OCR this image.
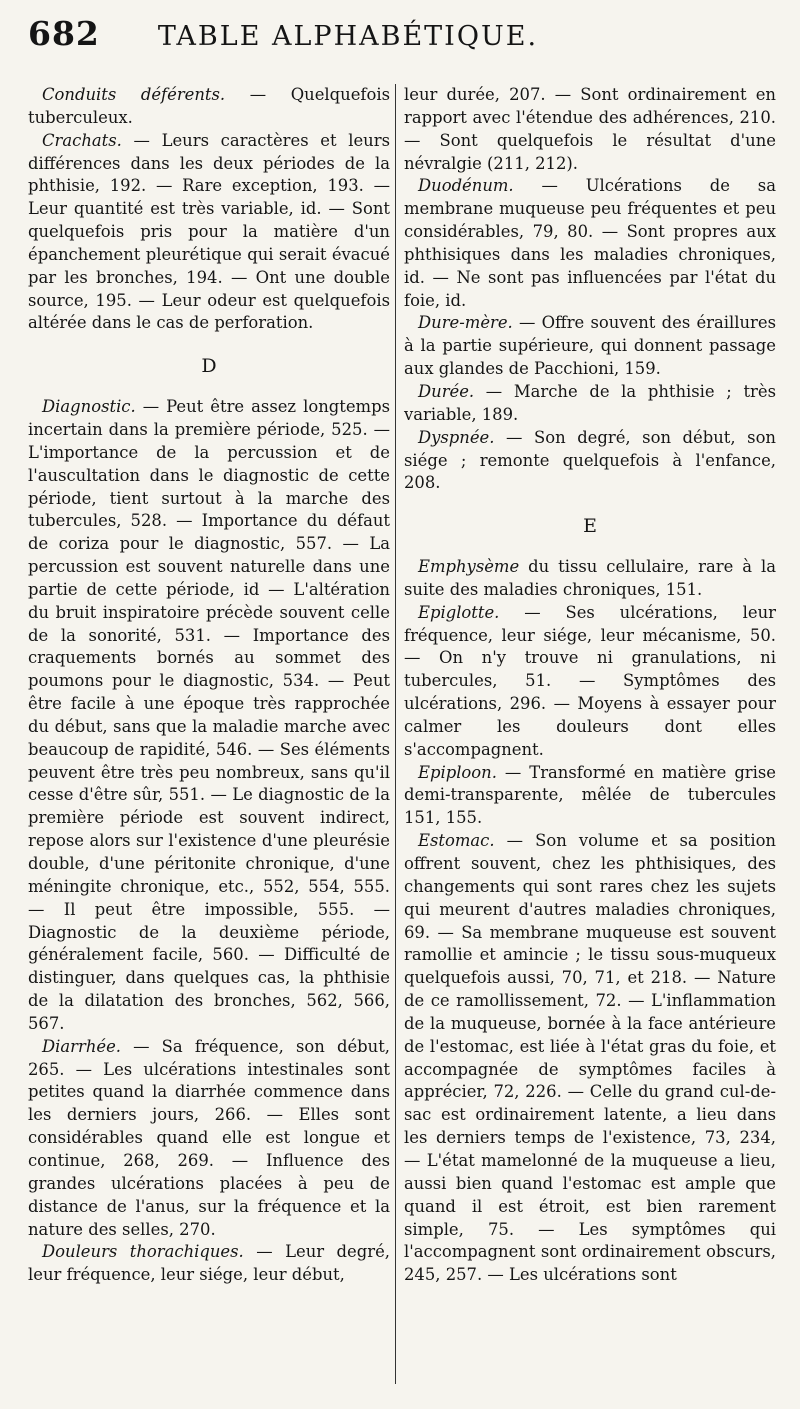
682 TABLE ALPHABÉTIQUE.

Conduits déférents. — Quelquefois tuberculeux.

Crachats. — Leurs caractères et leurs différences dans les deux périodes de la phthisie, 192. — Rare exception, 193. — Leur quantité est très variable, id. — Sont quelquefois pris pour la matière d'un épanchement pleurétique qui serait évacué par les bronches, 194. — Ont une double source, 195. — Leur odeur est quelquefois altérée dans le cas de perforation.

D

Diagnostic. — Peut être assez longtemps incertain dans la première période, 525. — L'importance de la percussion et de l'auscultation dans le diagnostic de cette période, tient surtout à la marche des tubercules, 528. — Importance du défaut de coriza pour le diagnostic, 557. — La percussion est souvent naturelle dans une partie de cette période, id — L'altération du bruit inspiratoire précède souvent celle de la sonorité, 531. — Importance des craquements bornés au sommet des poumons pour le diagnostic, 534. — Peut être facile à une époque très rapprochée du début, sans que la maladie marche avec beaucoup de rapidité, 546. — Ses éléments peuvent être très peu nombreux, sans qu'il cesse d'être sûr, 551. — Le diagnostic de la première période est souvent indirect, repose alors sur l'existence d'une pleurésie double, d'une péritonite chronique, d'une méningite chronique, etc., 552, 554, 555. — Il peut être impossible, 555. — Diagnostic de la deuxième période, généralement facile, 560. — Difficulté de distinguer, dans quelques cas, la phthisie de la dilatation des bronches, 562, 566, 567.

Diarrhée. — Sa fréquence, son début, 265. — Les ulcérations intestinales sont petites quand la diarrhée commence dans les derniers jours, 266. — Elles sont considérables quand elle est longue et continue, 268, 269. — Influence des grandes ulcérations placées à peu de distance de l'anus, sur la fréquence et la nature des selles, 270.

Douleurs thorachiques. — Leur degré, leur fréquence, leur siége, leur début,

leur durée, 207. — Sont ordinairement en rapport avec l'étendue des adhérences, 210. — Sont quelquefois le résultat d'une névralgie (211, 212).

Duodénum. — Ulcérations de sa membrane muqueuse peu fréquentes et peu considérables, 79, 80. — Sont propres aux phthisiques dans les maladies chroniques, id. — Ne sont pas influencées par l'état du foie, id.

Dure-mère. — Offre souvent des éraillures à la partie supérieure, qui donnent passage aux glandes de Pacchioni, 159.

Durée. — Marche de la phthisie ; très variable, 189.

Dyspnée. — Son degré, son début, son siége ; remonte quelquefois à l'enfance, 208.

E

Emphysème du tissu cellulaire, rare à la suite des maladies chroniques, 151.

Epiglotte. — Ses ulcérations, leur fréquence, leur siége, leur mécanisme, 50. — On n'y trouve ni granulations, ni tubercules, 51. — Symptômes des ulcérations, 296. — Moyens à essayer pour calmer les douleurs dont elles s'accompagnent.

Epiploon. — Transformé en matière grise demi-transparente, mêlée de tubercules 151, 155.

Estomac. — Son volume et sa position offrent souvent, chez les phthisiques, des changements qui sont rares chez les sujets qui meurent d'autres maladies chroniques, 69. — Sa membrane muqueuse est souvent ramollie et amincie ; le tissu sous-muqueux quelquefois aussi, 70, 71, et 218. — Nature de ce ramollissement, 72. — L'inflammation de la muqueuse, bornée à la face antérieure de l'estomac, est liée à l'état gras du foie, et accompagnée de symptômes faciles à apprécier, 72, 226. — Celle du grand cul-de-sac est ordinairement latente, a lieu dans les derniers temps de l'existence, 73, 234, — L'état mamelonné de la muqueuse a lieu, aussi bien quand l'estomac est ample que quand il est étroit, est bien rarement simple, 75. — Les symptômes qui l'accompagnent sont ordinairement obscurs, 245, 257. — Les ulcérations sont
